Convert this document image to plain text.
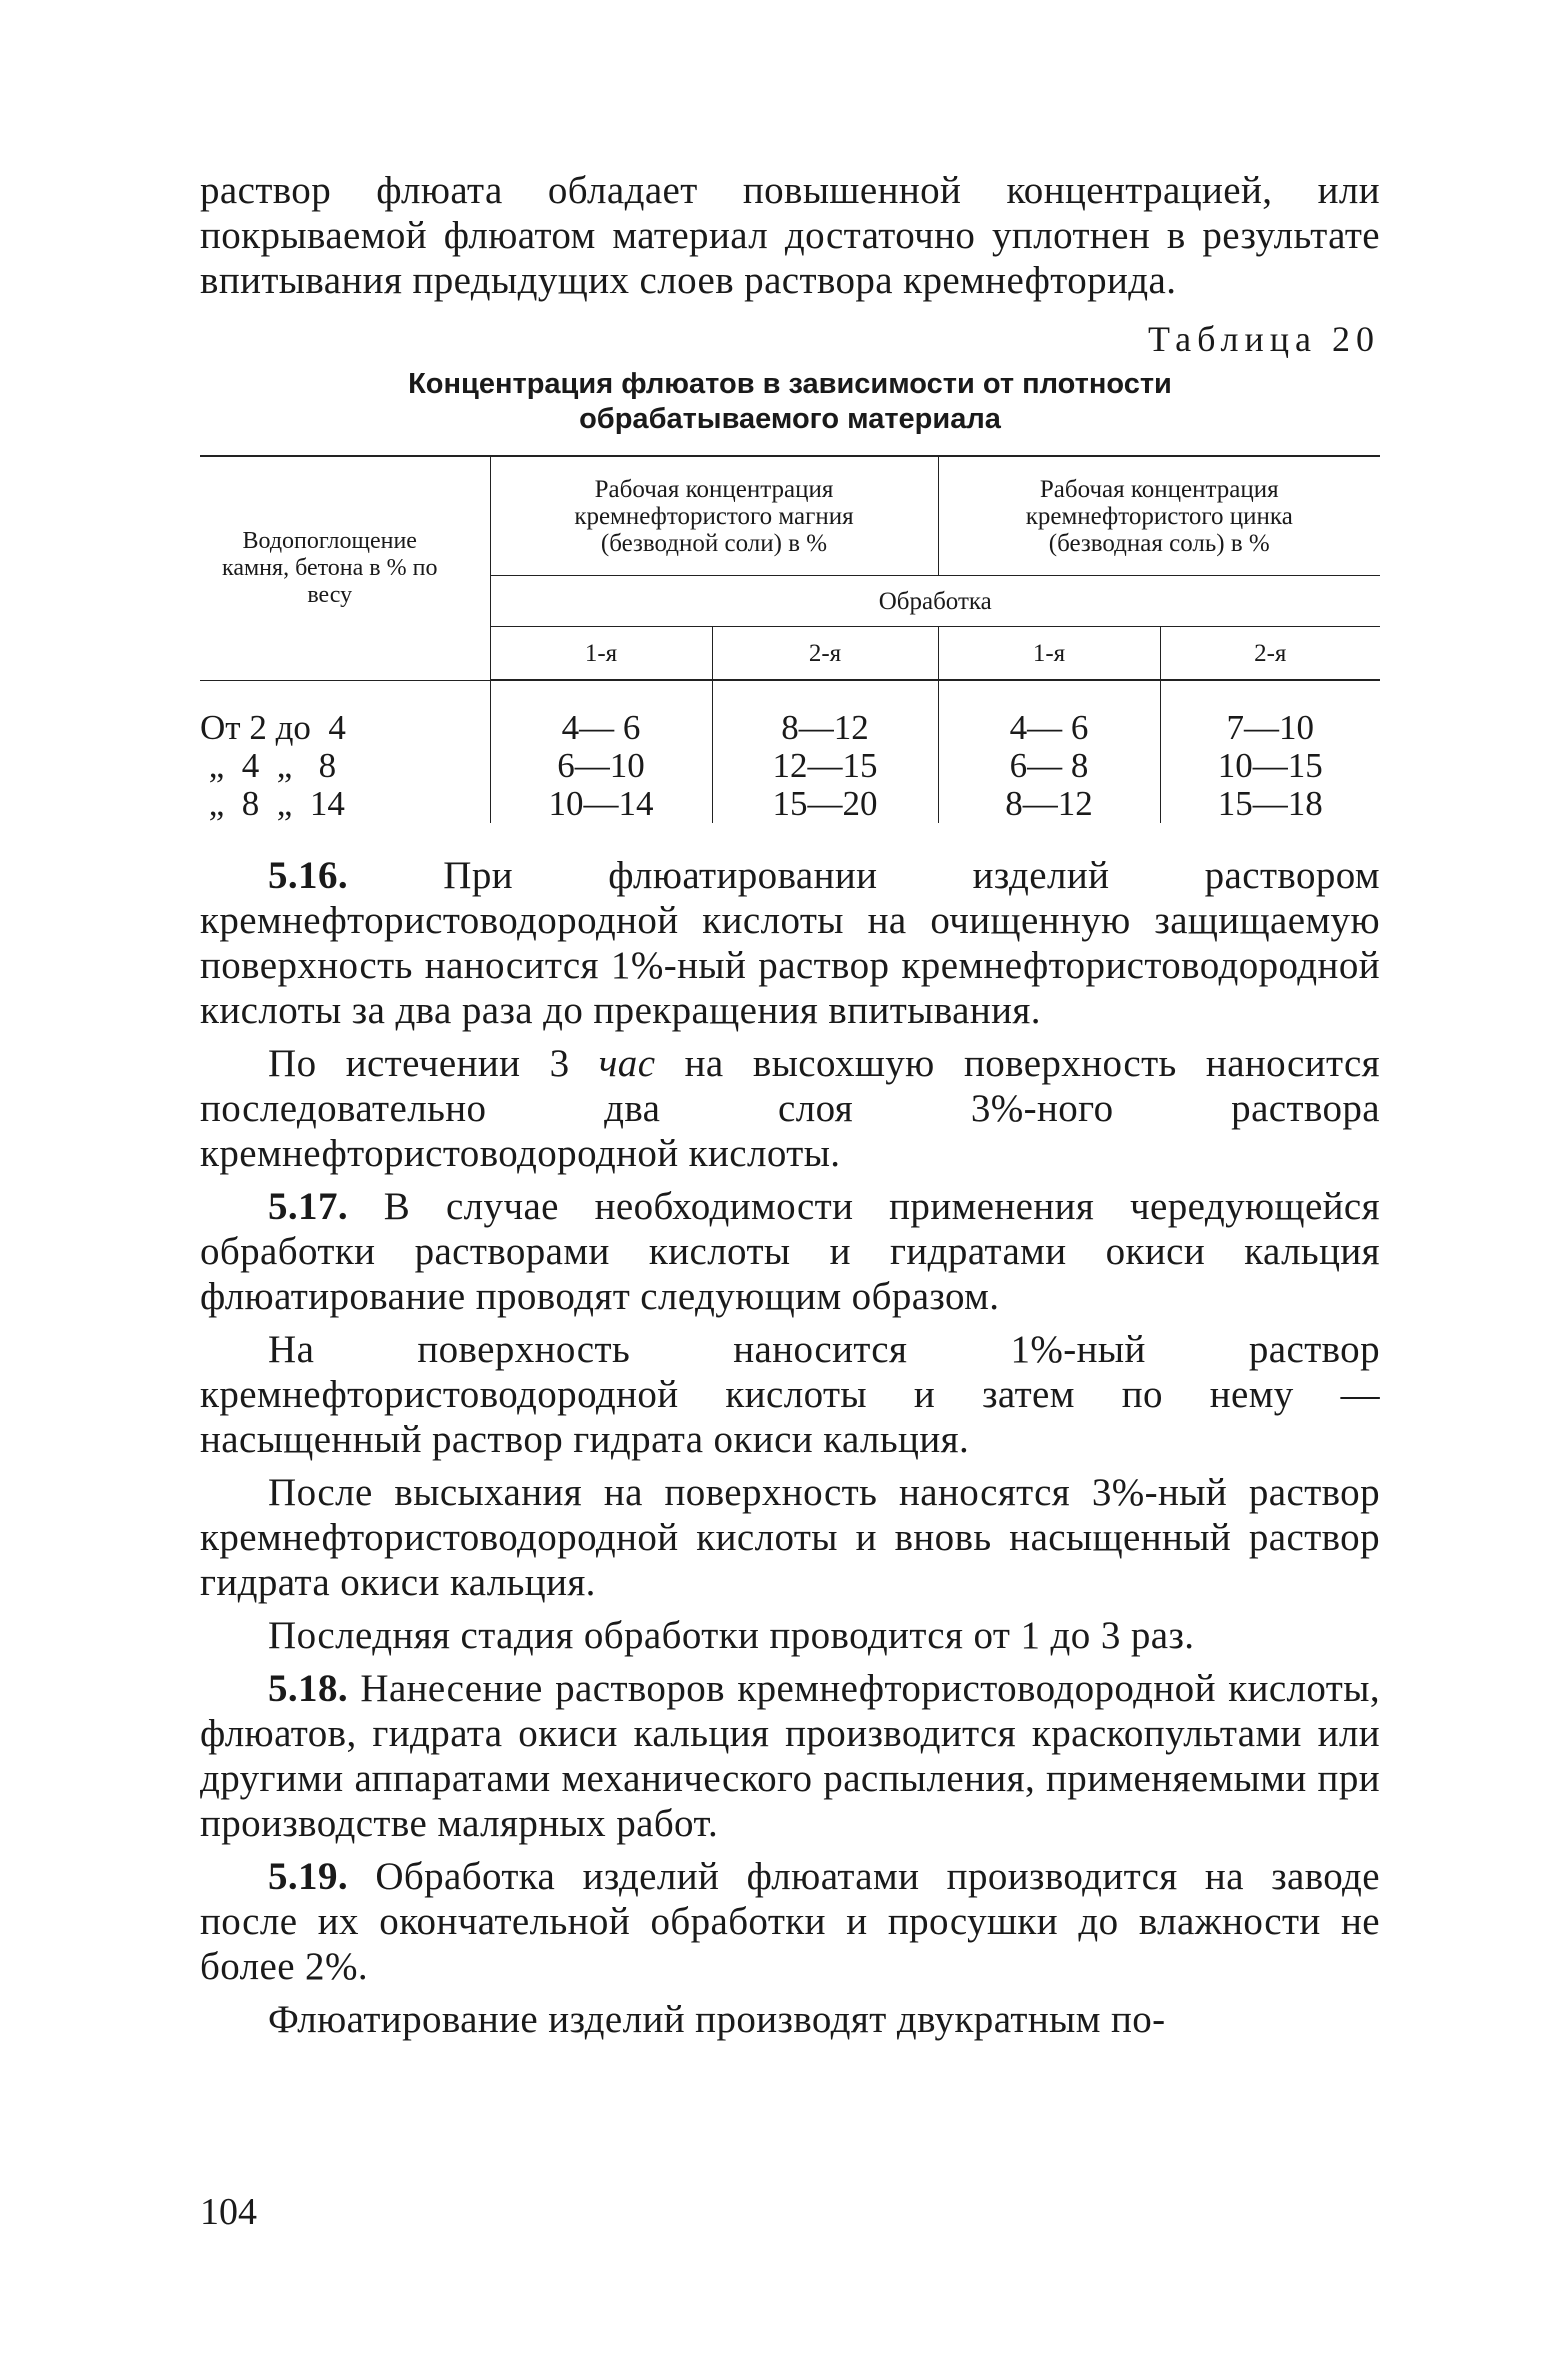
раствор флюата обладает повышенной концентрацией, или покрываемой флюатом материал достаточно уплотнен в результате впитывания предыдущих слоев раствора кремнефторида.

Таблица 20

Концентрация флюатов в зависимости от плотности
обрабатываемого материала

Водопоглощение камня, бетона в % по весу	Рабочая концентрация кремнефтористого магния (безводной соли) в %		Рабочая концентрация кремнефтористого цинка (безводная соль) в %	
	Обработка			
	1-я	2-я	1-я	2-я

От 2 до  4	4— 6	8—12	4— 6	7—10
„  4  „   8	6—10	12—15	6— 8	10—15
„  8  „  14	10—14	15—20	8—12	15—18

5.16. При флюатировании изделий раствором кремнефтористоводородной кислоты на очищенную защищаемую поверхность наносится 1%-ный раствор кремнефтористоводородной кислоты за два раза до прекращения впитывания.

По истечении 3 час на высохшую поверхность наносится последовательно два слоя 3%-ного раствора кремнефтористоводородной кислоты.

5.17. В случае необходимости применения чередующейся обработки растворами кислоты и гидратами окиси кальция флюатирование проводят следующим образом.

На поверхность наносится 1%-ный раствор кремнефтористоводородной кислоты и затем по нему — насыщенный раствор гидрата окиси кальция.

После высыхания на поверхность наносятся 3%-ный раствор кремнефтористоводородной кислоты и вновь насыщенный раствор гидрата окиси кальция.

Последняя стадия обработки проводится от 1 до 3 раз.

5.18. Нанесение растворов кремнефтористоводородной кислоты, флюатов, гидрата окиси кальция производится краскопультами или другими аппаратами механического распыления, применяемыми при производстве малярных работ.

5.19. Обработка изделий флюатами производится на заводе после их окончательной обработки и просушки до влажности не более 2%.

Флюатирование изделий производят двукратным по-

104
